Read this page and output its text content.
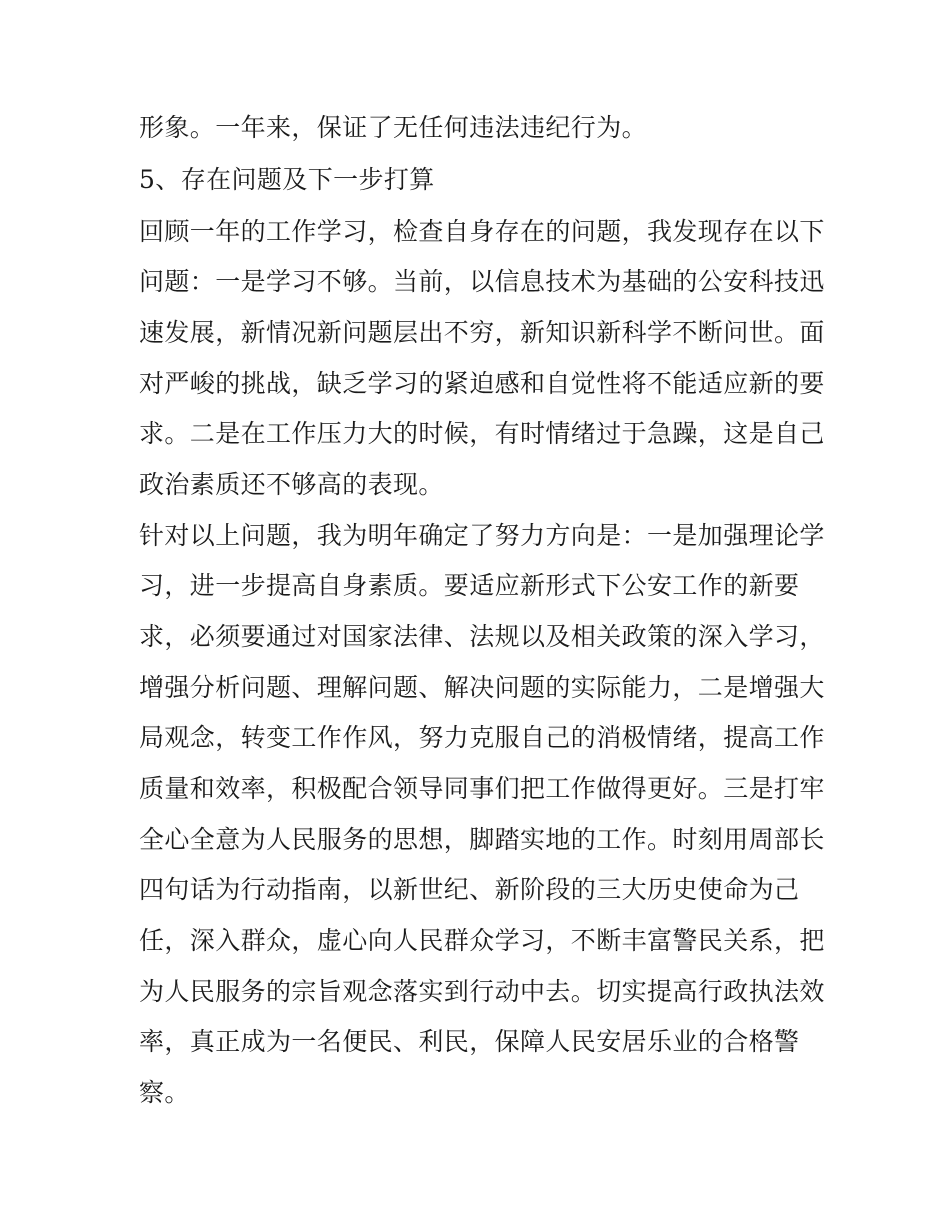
形象。一年来，保证了无任何违法违纪行为。
5、存在问题及下一步打算
回顾一年的工作学习，检查自身存在的问题，我发现存在以下
问题：一是学习不够。当前，以信息技术为基础的公安科技迅
速发展，新情况新问题层出不穷，新知识新科学不断问世。面
对严峻的挑战，缺乏学习的紧迫感和自觉性将不能适应新的要
求。二是在工作压力大的时候，有时情绪过于急躁，这是自己
政治素质还不够高的表现。
针对以上问题，我为明年确定了努力方向是：一是加强理论学
习，进一步提高自身素质。要适应新形式下公安工作的新要
求，必须要通过对国家法律、法规以及相关政策的深入学习，
增强分析问题、理解问题、解决问题的实际能力，二是增强大
局观念，转变工作作风，努力克服自己的消极情绪，提高工作
质量和效率，积极配合领导同事们把工作做得更好。三是打牢
全心全意为人民服务的思想，脚踏实地的工作。时刻用周部长
四句话为行动指南，以新世纪、新阶段的三大历史使命为己
任，深入群众，虚心向人民群众学习，不断丰富警民关系，把
为人民服务的宗旨观念落实到行动中去。切实提高行政执法效
率，真正成为一名便民、利民，保障人民安居乐业的合格警
察。
